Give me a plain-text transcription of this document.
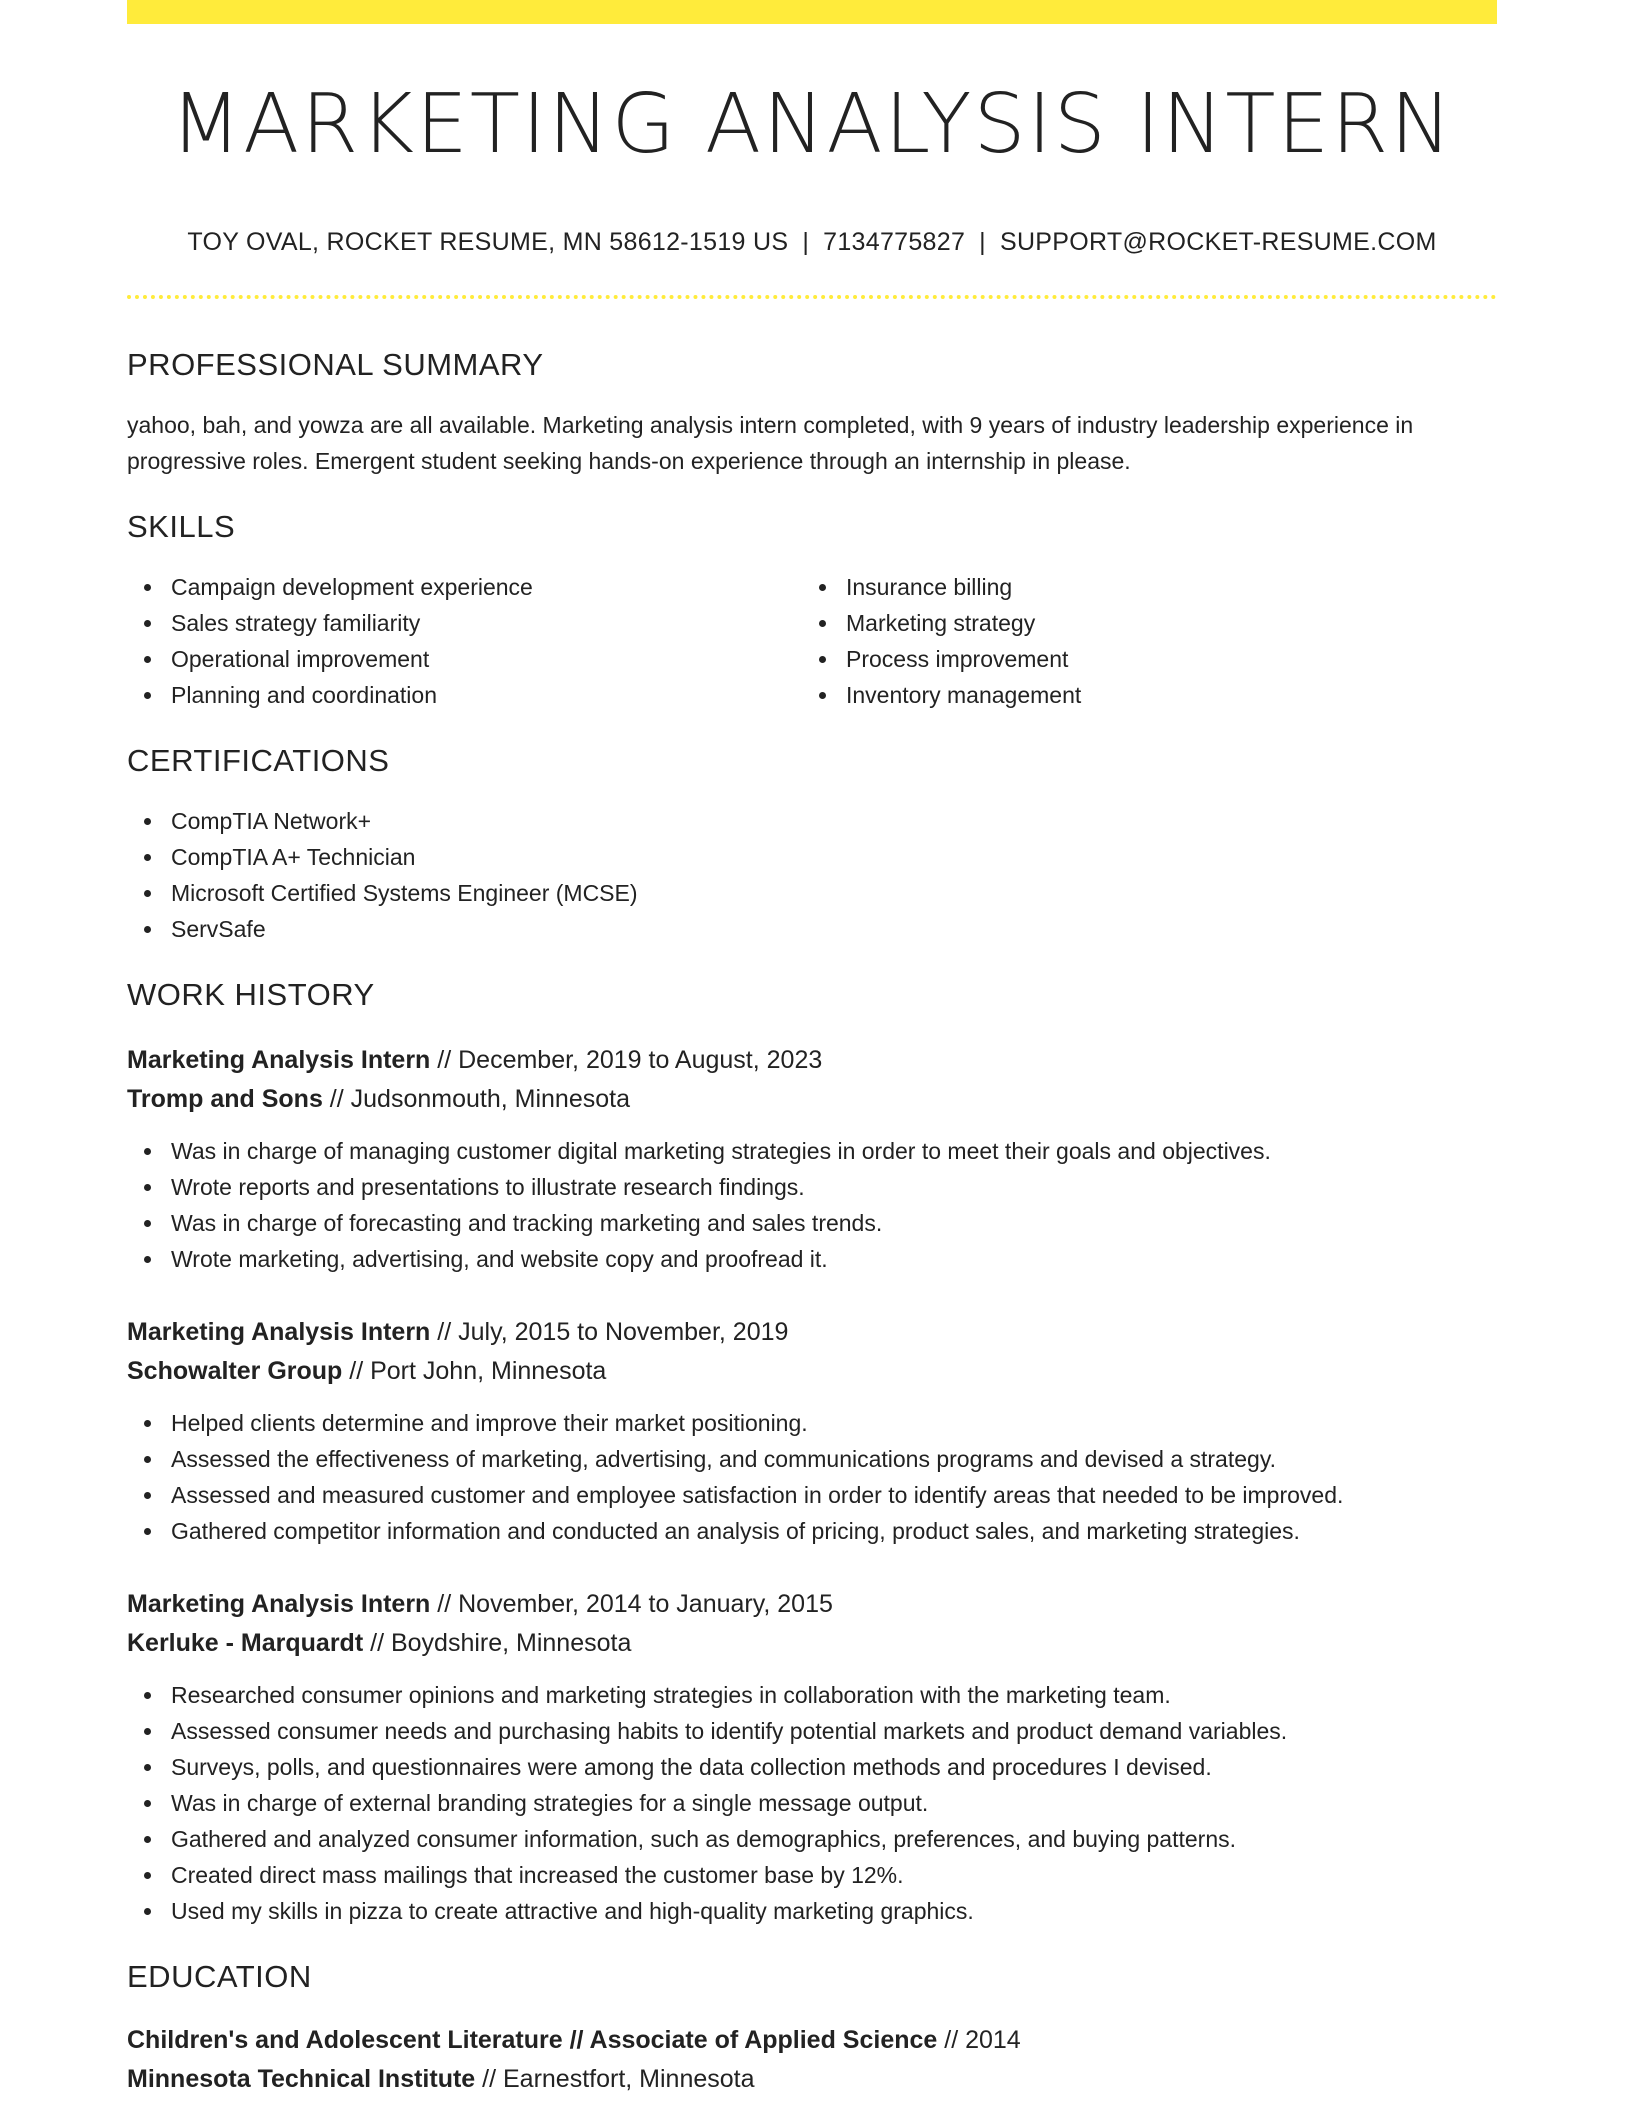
MARKETING ANALYSIS INTERN
TOY OVAL, ROCKET RESUME, MN 58612-1519 US | 7134775827 | SUPPORT@ROCKET-RESUME.COM
PROFESSIONAL SUMMARY

yahoo, bah, and yowza are all available. Marketing analysis intern completed, with 9 years of industry leadership experience in progressive roles. Emergent student seeking hands-on experience through an internship in please.

SKILLS
Campaign development experience
Sales strategy familiarity
Operational improvement
Planning and coordination
Insurance billing
Marketing strategy
Process improvement
Inventory management
CERTIFICATIONS
CompTIA Network+
CompTIA A+ Technician
Microsoft Certified Systems Engineer (MCSE)
ServSafe
WORK HISTORY
Marketing Analysis Intern // December, 2019 to August, 2023
Tromp and Sons // Judsonmouth, Minnesota
Was in charge of managing customer digital marketing strategies in order to meet their goals and objectives.
Wrote reports and presentations to illustrate research findings.
Was in charge of forecasting and tracking marketing and sales trends.
Wrote marketing, advertising, and website copy and proofread it.
Marketing Analysis Intern // July, 2015 to November, 2019
Schowalter Group // Port John, Minnesota
Helped clients determine and improve their market positioning.
Assessed the effectiveness of marketing, advertising, and communications programs and devised a strategy.
Assessed and measured customer and employee satisfaction in order to identify areas that needed to be improved.
Gathered competitor information and conducted an analysis of pricing, product sales, and marketing strategies.
Marketing Analysis Intern // November, 2014 to January, 2015
Kerluke - Marquardt // Boydshire, Minnesota
Researched consumer opinions and marketing strategies in collaboration with the marketing team.
Assessed consumer needs and purchasing habits to identify potential markets and product demand variables.
Surveys, polls, and questionnaires were among the data collection methods and procedures I devised.
Was in charge of external branding strategies for a single message output.
Gathered and analyzed consumer information, such as demographics, preferences, and buying patterns.
Created direct mass mailings that increased the customer base by 12%.
Used my skills in pizza to create attractive and high-quality marketing graphics.
EDUCATION
Children's and Adolescent Literature // Associate of Applied Science // 2014
Minnesota Technical Institute // Earnestfort, Minnesota
